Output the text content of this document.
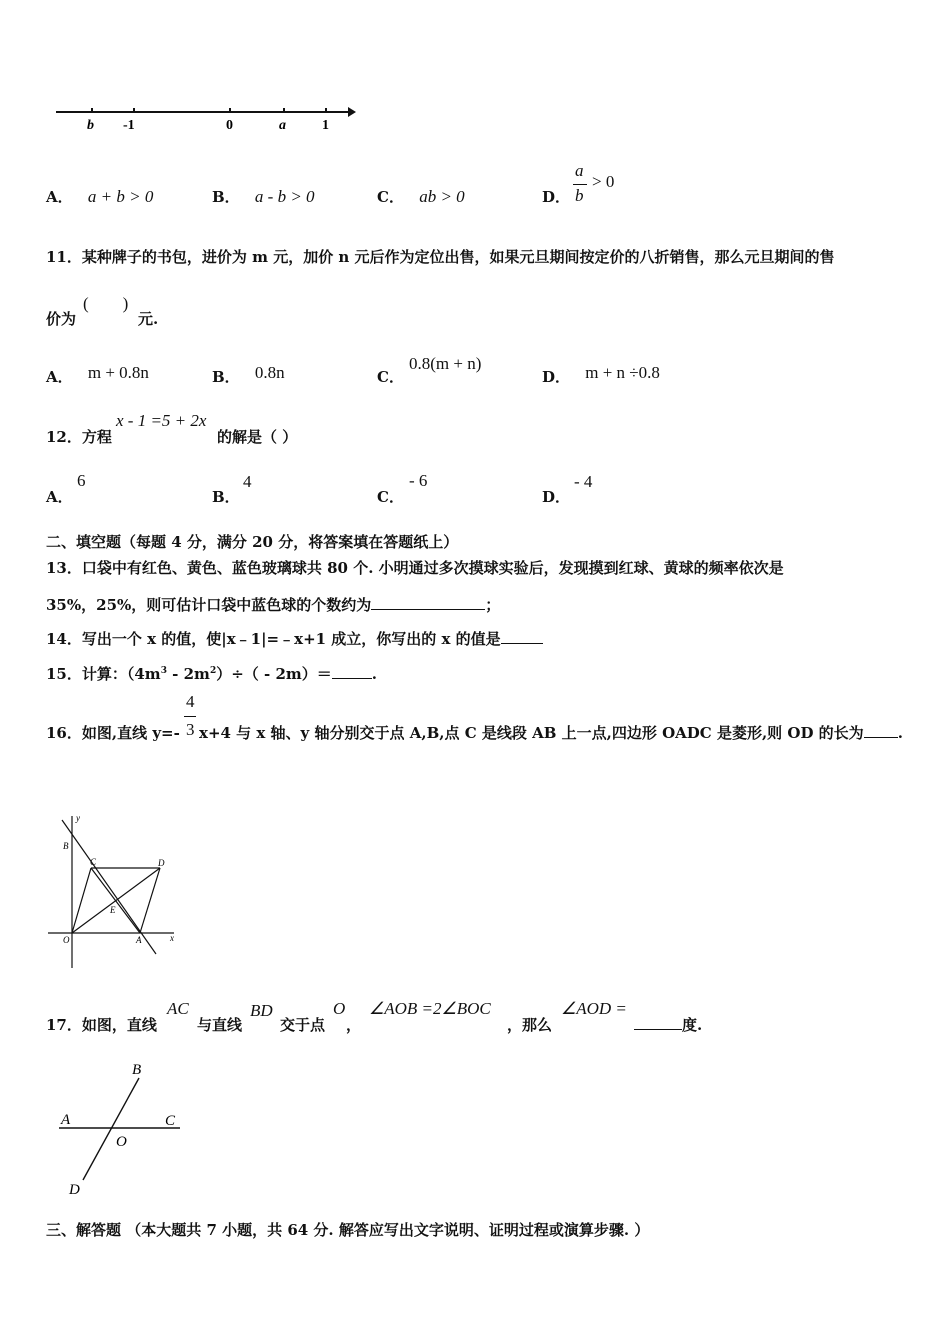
b -1	0	a	1
A． a + b > 0	B． a - b > 0	C． ab > 0	D．
a
b
> 0
11．某种牌子的书包，进价为 m 元，加价 n 元后作为定位出售，如果元旦期间按定价的八折销售，那么元旦期间的售
价为
(        )
元.
A． m + 0.8n	B． 0.8n	C．
0.8(m + n)
D． m + n ÷0.8
12．方程
x - 1 =5 + 2x
的解是（ ）
A．
6
B．
4
C．
- 6
D．
- 4
二、填空题（每题 4 分，满分 20 分，将答案填在答题纸上）
13．口袋中有红色、黄色、蓝色玻璃球共 80 个. 小明通过多次摸球实验后，发现摸到红球、黄球的频率依次是
35%，25%，则可估计口袋中蓝色球的个数约为	；
14．写出一个 x 的值，使|x﹣1|=﹣x+1 成立，你写出的 x 的值是
15．计算：$(4m^3 - 2m^2)\div( - 2m)=$	.
16．如图,直线 y=-
4
3 x+4 与 x 轴、y 轴分别交于点 A,B,点 C 是线段 AB 上一点,四边形 OADC 是菱形,则 OD 的长为 .
y
B
C	D
E
O	A	x
17．如图，直线
AC
与直线
BD
交于点
O
，
∠AOB =2∠BOC
，那么
∠AOD =
度.
B
A	C
O
D
三、解答题 （本大题共 7 小题，共 64 分. 解答应写出文字说明、证明过程或演算步骤. ）
